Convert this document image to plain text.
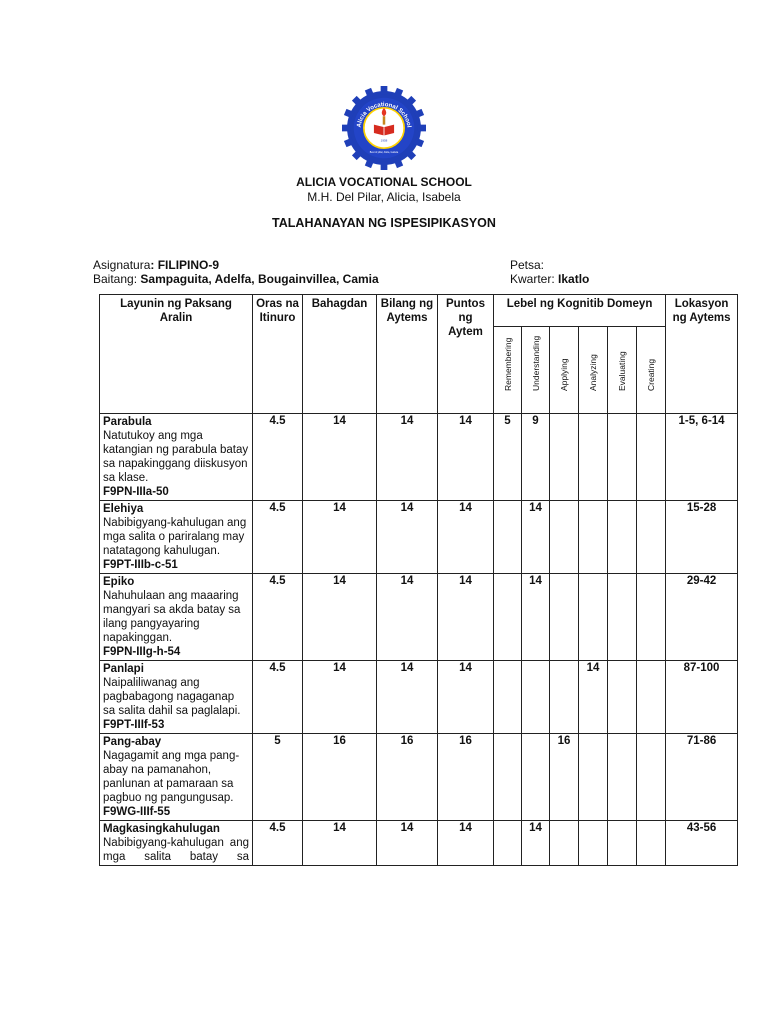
Alicia Vocational School
1958
Best of pillar, Alicia, Isabela
ALICIA VOCATIONAL SCHOOL
M.H. Del Pilar, Alicia, Isabela
TALAHANAYAN NG ISPESIPIKASYON
Asignatura: FILIPINO-9
Baitang: Sampaguita, Adelfa, Bougainvillea, Camia
Petsa:
Kwarter: Ikatlo
Layunin ng Paksang Aralin	Oras na Itinuro	Bahagdan	Bilang ng Aytems	Puntos ng Aytem	Lebel ng Kognitib Domeyn						Lokasyon ng Aytems

					Remembering	Understanding	Applying	Analyzing	Evaluating	Creating	

Parabula
Natutukoy ang mga katangian ng parabula batay sa napakinggang diiskusyon sa klase.
F9PN-IIIa-50	4.5	14	14	14	5	9					1-5, 6-14

Elehiya
Nabibigyang-kahulugan ang mga salita o pariralang may natatagong kahulugan.
F9PT-IIIb-c-51	4.5	14	14	14		14					15-28

Epiko
Nahuhulaan ang maaaring mangyari sa akda batay sa ilang pangyayaring napakinggan.
F9PN-IIIg-h-54	4.5	14	14	14		14					29-42

Panlapi
Naipaliliwanag ang pagbabagong nagaganap sa salita dahil sa paglalapi.
F9PT-IIIf-53	4.5	14	14	14				14			87-100

Pang-abay
Nagagamit ang mga pang-abay na pamanahon, panlunan at pamaraan sa pagbuo ng pangungusap.
F9WG-IIIf-55	5	16	16	16			16				71-86

Magkasingkahulugan
Nabibigyang-kahulugan ang mga salita batay sa	4.5	14	14	14		14					43-56
